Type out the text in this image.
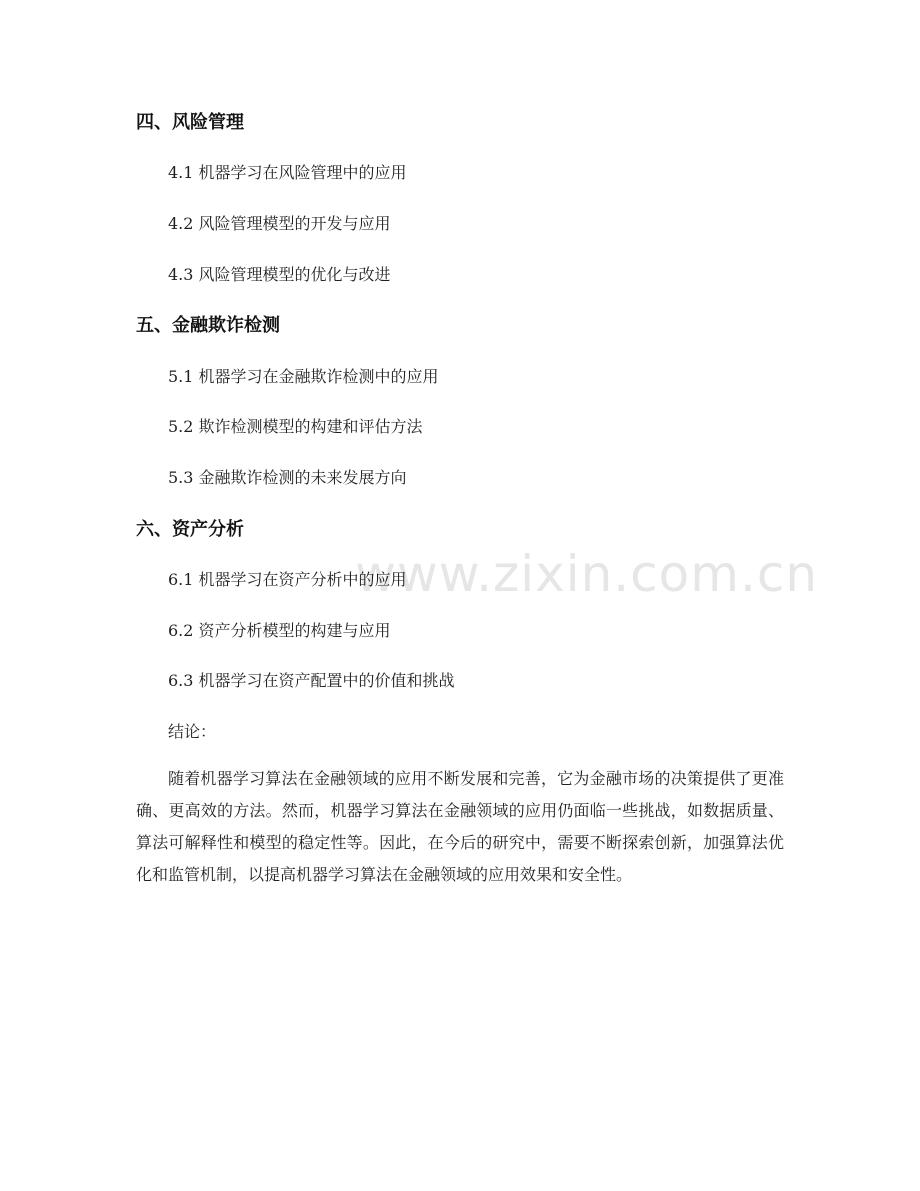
www.zixin.com.cn
四、风险管理
4.1 机器学习在风险管理中的应用
4.2 风险管理模型的开发与应用
4.3 风险管理模型的优化与改进
五、金融欺诈检测
5.1 机器学习在金融欺诈检测中的应用
5.2 欺诈检测模型的构建和评估方法
5.3 金融欺诈检测的未来发展方向
六、资产分析
6.1 机器学习在资产分析中的应用
6.2 资产分析模型的构建与应用
6.3 机器学习在资产配置中的价值和挑战
结论：

随着机器学习算法在金融领域的应用不断发展和完善，它为金融市场的决策提供了更准确、更高效的方法。然而，机器学习算法在金融领域的应用仍面临一些挑战，如数据质量、算法可解释性和模型的稳定性等。因此，在今后的研究中，需要不断探索创新，加强算法优化和监管机制，以提高机器学习算法在金融领域的应用效果和安全性。
